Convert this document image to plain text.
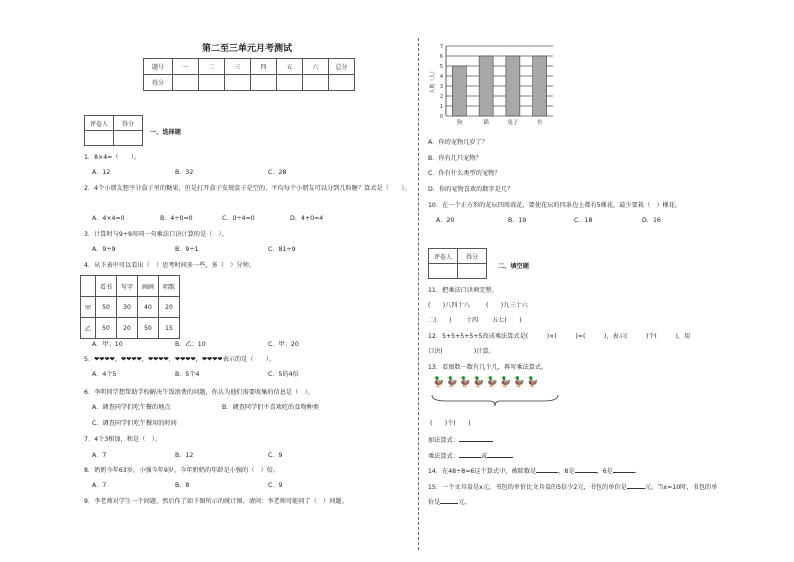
第二至三单元月考测试
题号	一	二	三	四	五	六	总分
得分							
评卷人	得分

一、选择题
1．8×4=（　　）。
A．12	B．32	C．28
2．4个小朋友想平分盒子里的糖果，但是打开盒子发现盒子是空的，平均每个小朋友可以分到几粒糖？算式是（　　）。
A．4×4=0	B．4÷0=0	C．0÷4=0	D．4+0=4
3．计算时与9÷9用同一句乘法口诀计算的是（　）。
A．9÷9	B．9÷1	C．81÷9
4．从下表中可以看出（　）思考时间多一些，多（　）分钟。
	看书	写字	画画	唱歌
甲	50	30	40	20
乙	50	20	50	15
A．甲；10	B．乙；10	C．甲；20
5．❤❤❤❤，❤❤❤❤，❤❤❤❤，❤❤❤❤，❤❤❤❤表示的是（　　）。
A．4个5	B．5个4	C．5的4倍
6．李明同学想帮助学校解决午饭浪费的问题，你认为他们需要收集的信息是（　）。
A．调查同学们吃午餐的地点	B．调查同学们不喜欢吃的食物种类
C．调查同学们吃午餐用的时间
7．4个3相加，和是（　）。
A．7	B．12	C．9
8．奶奶今年63岁，小强今年9岁，今年奶奶的年龄是小强的（　）倍。
A．7	B．8	C．9
9．李老师对学生一个问题，然后作了如下图所示的统计图。请问：李老师可能问了（　）问题。
0
1
2
3
4
5
6
7
人数（人）
狗	猫	兔子	鱼
A．你的宠物几岁了？
B．你有几只宠物？
C．你有什么类型的宠物？
D．你的宠物喜欢的数字是几？
10．在一个正方形的花坛四周栽花，要使花坛的四条边上都有5棵花，最少要栽（　）棵花。
A．20	B．19	C．18	D．16
评卷人	得分

二、填空题
11．把乘法口诀填完整。
(　　)八四十八	(　　)九三十六
二(　　) 十四 五七(　　)
12．5+5+5+5+5改成乘法算式是(　　　)×(　　　)=(　　　)，表示(　　　)个(　　　)，用
口诀(　　　　　)计算。
13．看图数一数有几个几，再写乘法算式。
🦆🦆🦆🦆🦆🦆🦆🦆
(　　)个(　　)
加法算式：
乘法算式：	或
14．在48÷8=6这个算式中，被除数是	，8是	，6是	。
15．一个文具盒是x元，书包的单价比文具盒的5倍少2元，书包的单价是	元。当x=10时，书包的单
价是	元。
